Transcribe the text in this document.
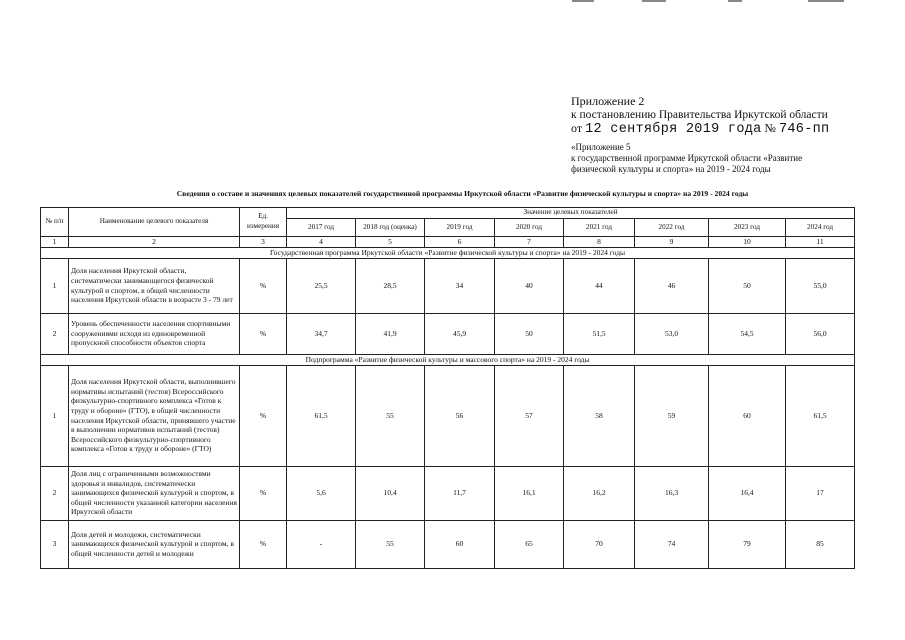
Приложение 2
к постановлению Правительства Иркутской области
от 12 сентября 2019 года № 746-пп
«Приложение 5
к государственной программе Иркутской области «Развитие
физической культуры и спорта» на 2019 - 2024 годы
Сведения о составе и значениях целевых показателей государственной программы Иркутской области «Развитие физической культуры и спорта» на 2019 - 2024 годы
№ п/п	Наименование целевого показателя	Ед. измерения	Значение целевых показателей							
			2017 год	2018 год (оценка)	2019 год	2020 год	2021 год	2022 год	2023 год	2024 год
1	2	3	4	5	6	7	8	9	10	11
Государственная программа Иркутской области «Развитие физической культуры и спорта» на 2019 - 2024 годы										
1	Доля населения Иркутской области, систематически занимающегося физической культурой и спортом, в общей численности населения Иркутской области в возрасте 3 - 79 лет	%	25,5	28,5	34	40	44	46	50	55,0
2	Уровень обеспеченности населения спортивными сооружениями исходя из единовременной пропускной способности объектов спорта	%	34,7	41,9	45,9	50	51,5	53,0	54,5	56,0
Подпрограмма «Развитие физической культуры и массового спорта» на 2019 - 2024 годы										
1	Доля населения Иркутской области, выполнившего нормативы испытаний (тестов) Всероссийского физкультурно-спортивного комплекса «Готов к труду и обороне» (ГТО), в общей численности населения Иркутской области, принявшего участие в выполнении нормативов испытаний (тестов) Всероссийского физкультурно-спортивного комплекса «Готов к труду и обороне» (ГТО)	%	61,5	55	56	57	58	59	60	61,5
2	Доля лиц с ограниченными возможностями здоровья и инвалидов, систематически занимающихся физической культурой и спортом, в общей численности указанной категории населения Иркутской области	%	5,6	10,4	11,7	16,1	16,2	16,3	16,4	17
3	Доля детей и молодежи, систематически занимающихся физической культурой и спортом, в общей численности детей и молодежи	%	-	55	60	65	70	74	79	85
